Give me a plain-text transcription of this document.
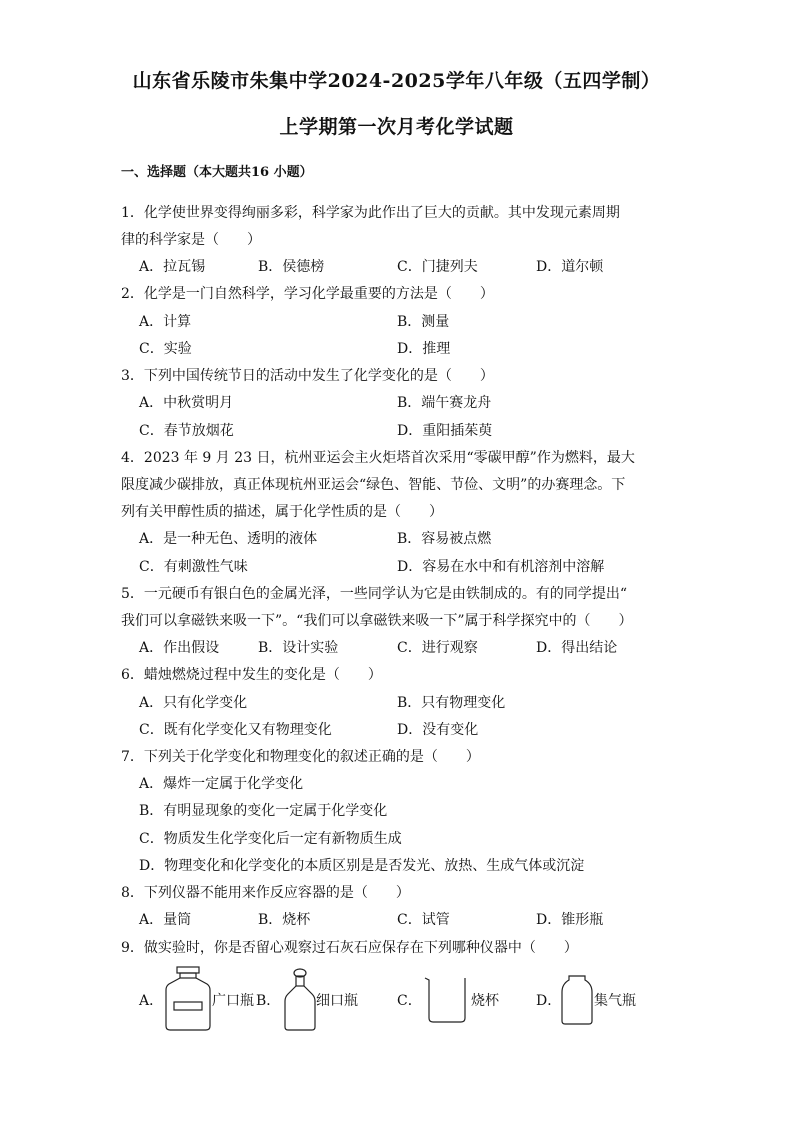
山东省乐陵市朱集中学2024-2025学年八年级（五四学制）
上学期第一次月考化学试题
一、选择题（本大题共16 小题）
1．化学使世界变得绚丽多彩，科学家为此作出了巨大的贡献。其中发现元素周期
律的科学家是（　　）
A．拉瓦锡	B．侯德榜	C．门捷列夫	D．道尔顿
2．化学是一门自然科学，学习化学最重要的方法是（　　）
A．计算	B．测量
C．实验	D．推理
3．下列中国传统节日的活动中发生了化学变化的是（　　）
A．中秋赏明月	B．端午赛龙舟
C．春节放烟花	D．重阳插茱萸
4．2023 年 9 月 23 日，杭州亚运会主火炬塔首次采用“零碳甲醇”作为燃料，最大
限度减少碳排放，真正体现杭州亚运会“绿色、智能、节俭、文明”的办赛理念。下
列有关甲醇性质的描述，属于化学性质的是（　　）
A．是一种无色、透明的液体	B．容易被点燃
C．有刺激性气味	D．容易在水中和有机溶剂中溶解
5．一元硬币有银白色的金属光泽，一些同学认为它是由铁制成的。有的同学提出“
我们可以拿磁铁来吸一下”。“我们可以拿磁铁来吸一下”属于科学探究中的（　　）
A．作出假设	B．设计实验	C．进行观察	D．得出结论
6．蜡烛燃烧过程中发生的变化是（　　）
A．只有化学变化	B．只有物理变化
C．既有化学变化又有物理变化	D．没有变化
7．下列关于化学变化和物理变化的叙述正确的是（　　）
A．爆炸一定属于化学变化
B．有明显现象的变化一定属于化学变化
C．物质发生化学变化后一定有新物质生成
D．物理变化和化学变化的本质区别是是否发光、放热、生成气体或沉淀
8．下列仪器不能用来作反应容器的是（　　）
A．量筒	B．烧杯	C．试管	D．锥形瓶
9．做实验时，你是否留心观察过石灰石应保存在下列哪种仪器中（　　）
A．	广口瓶 B．	细口瓶	C．	烧杯	D． 集气瓶
